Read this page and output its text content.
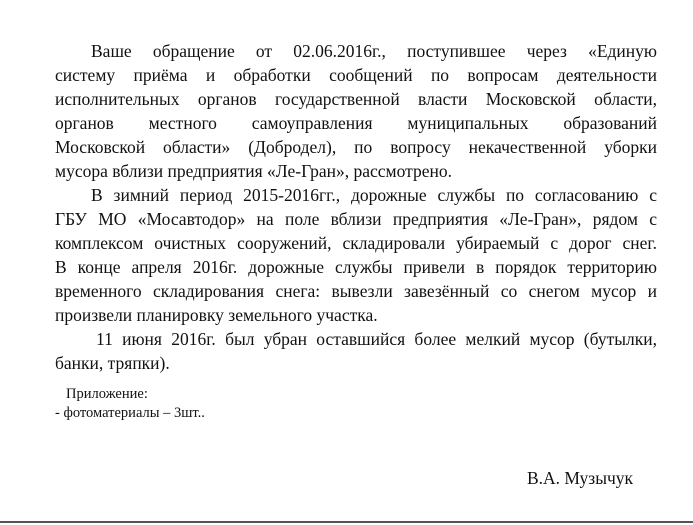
Ваше обращение от 02.06.2016г., поступившее через «Единую
систему приёма и обработки сообщений по вопросам деятельности
исполнительных органов государственной власти Московской области,
органов местного самоуправления муниципальных образований
Московской области» (Добродел), по вопросу некачественной уборки
мусора вблизи предприятия «Ле-Гран», рассмотрено.
В зимний период 2015-2016гг., дорожные службы по согласованию с
ГБУ МО «Мосавтодор» на поле вблизи предприятия «Ле-Гран», рядом с
комплексом очистных сооружений, складировали убираемый с дорог снег.
В конце апреля 2016г. дорожные службы привели в порядок территорию
временного складирования снега: вывезли завезённый со снегом мусор и
произвели планировку земельного участка.
11 июня 2016г. был убран оставшийся более мелкий мусор (бутылки,
банки, тряпки).
Приложение:
- фотоматериалы – 3шт..
В.А. Музычук
